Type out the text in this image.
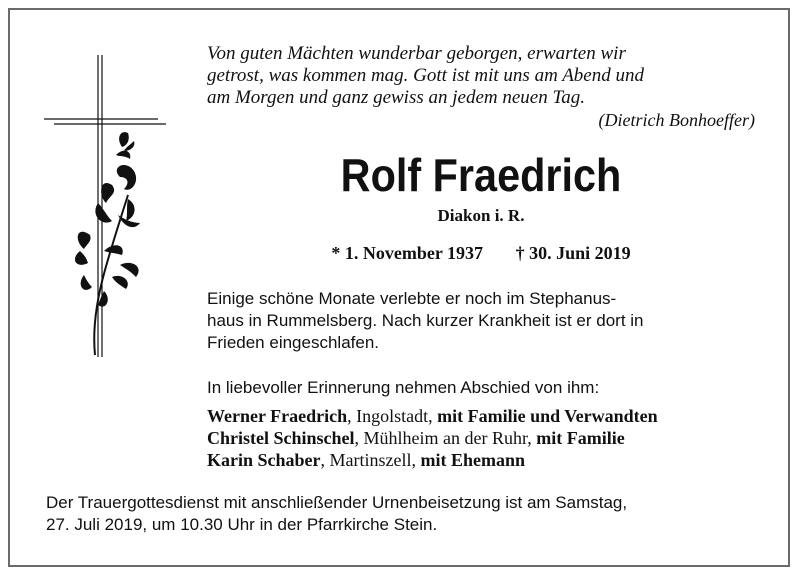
Von guten Mächten wunderbar geborgen, erwarten wir
getrost, was kommen mag. Gott ist mit uns am Abend und
am Morgen und ganz gewiss an jedem neuen Tag.
(Dietrich Bonhoeffer)
Rolf Fraedrich
Diakon i. R.
* 1. November 1937 † 30. Juni 2019
Einige schöne Monate verlebte er noch im Stephanus-
haus in Rummelsberg. Nach kurzer Krankheit ist er dort in
Frieden eingeschlafen.
In liebevoller Erinnerung nehmen Abschied von ihm:
Werner Fraedrich, Ingolstadt, mit Familie und Verwandten
Christel Schinschel, Mühlheim an der Ruhr, mit Familie
Karin Schaber, Martinszell, mit Ehemann
Der Trauergottesdienst mit anschließender Urnenbeisetzung ist am Samstag,
27. Juli 2019, um 10.30 Uhr in der Pfarrkirche Stein.
